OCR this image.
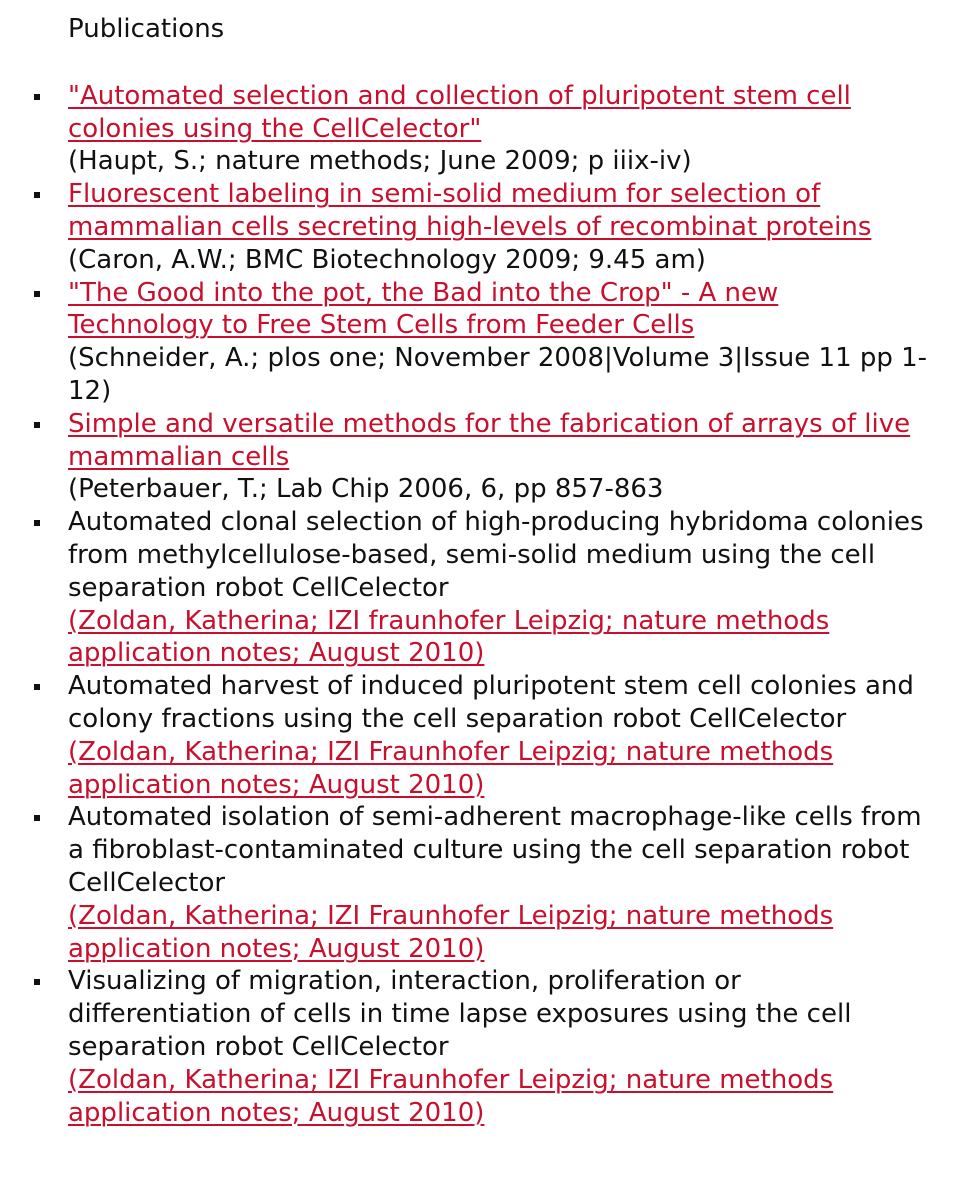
Publications
"Automated selection and collection of pluripotent stem cell colonies using the CellCelector"
(Haupt, S.; nature methods; June 2009; p iiix-iv)
Fluorescent labeling in semi-solid medium for selection of mammalian cells secreting high-levels of recombinat proteins
(Caron, A.W.; BMC Biotechnology 2009; 9.45 am)
"The Good into the pot, the Bad into the Crop" - A new Technology to Free Stem Cells from Feeder Cells
(Schneider, A.; plos one; November 2008|Volume 3|Issue 11 pp 1-12)
Simple and versatile methods for the fabrication of arrays of live mammalian cells
(Peterbauer, T.; Lab Chip 2006, 6, pp 857-863
Automated clonal selection of high-producing hybridoma colonies from methylcellulose-based, semi-solid medium using the cell separation robot CellCelector
(Zoldan, Katherina; IZI fraunhofer Leipzig; nature methods application notes; August 2010)
Automated harvest of induced pluripotent stem cell colonies and colony fractions using the cell separation robot CellCelector
(Zoldan, Katherina; IZI Fraunhofer Leipzig; nature methods application notes; August 2010)
Automated isolation of semi-adherent macrophage-like cells from a fibroblast-contaminated culture using the cell separation robot CellCelector
(Zoldan, Katherina; IZI Fraunhofer Leipzig; nature methods application notes; August 2010)
Visualizing of migration, interaction, proliferation or differentiation of cells in time lapse exposures using the cell separation robot CellCelector
(Zoldan, Katherina; IZI Fraunhofer Leipzig; nature methods application notes; August 2010)
